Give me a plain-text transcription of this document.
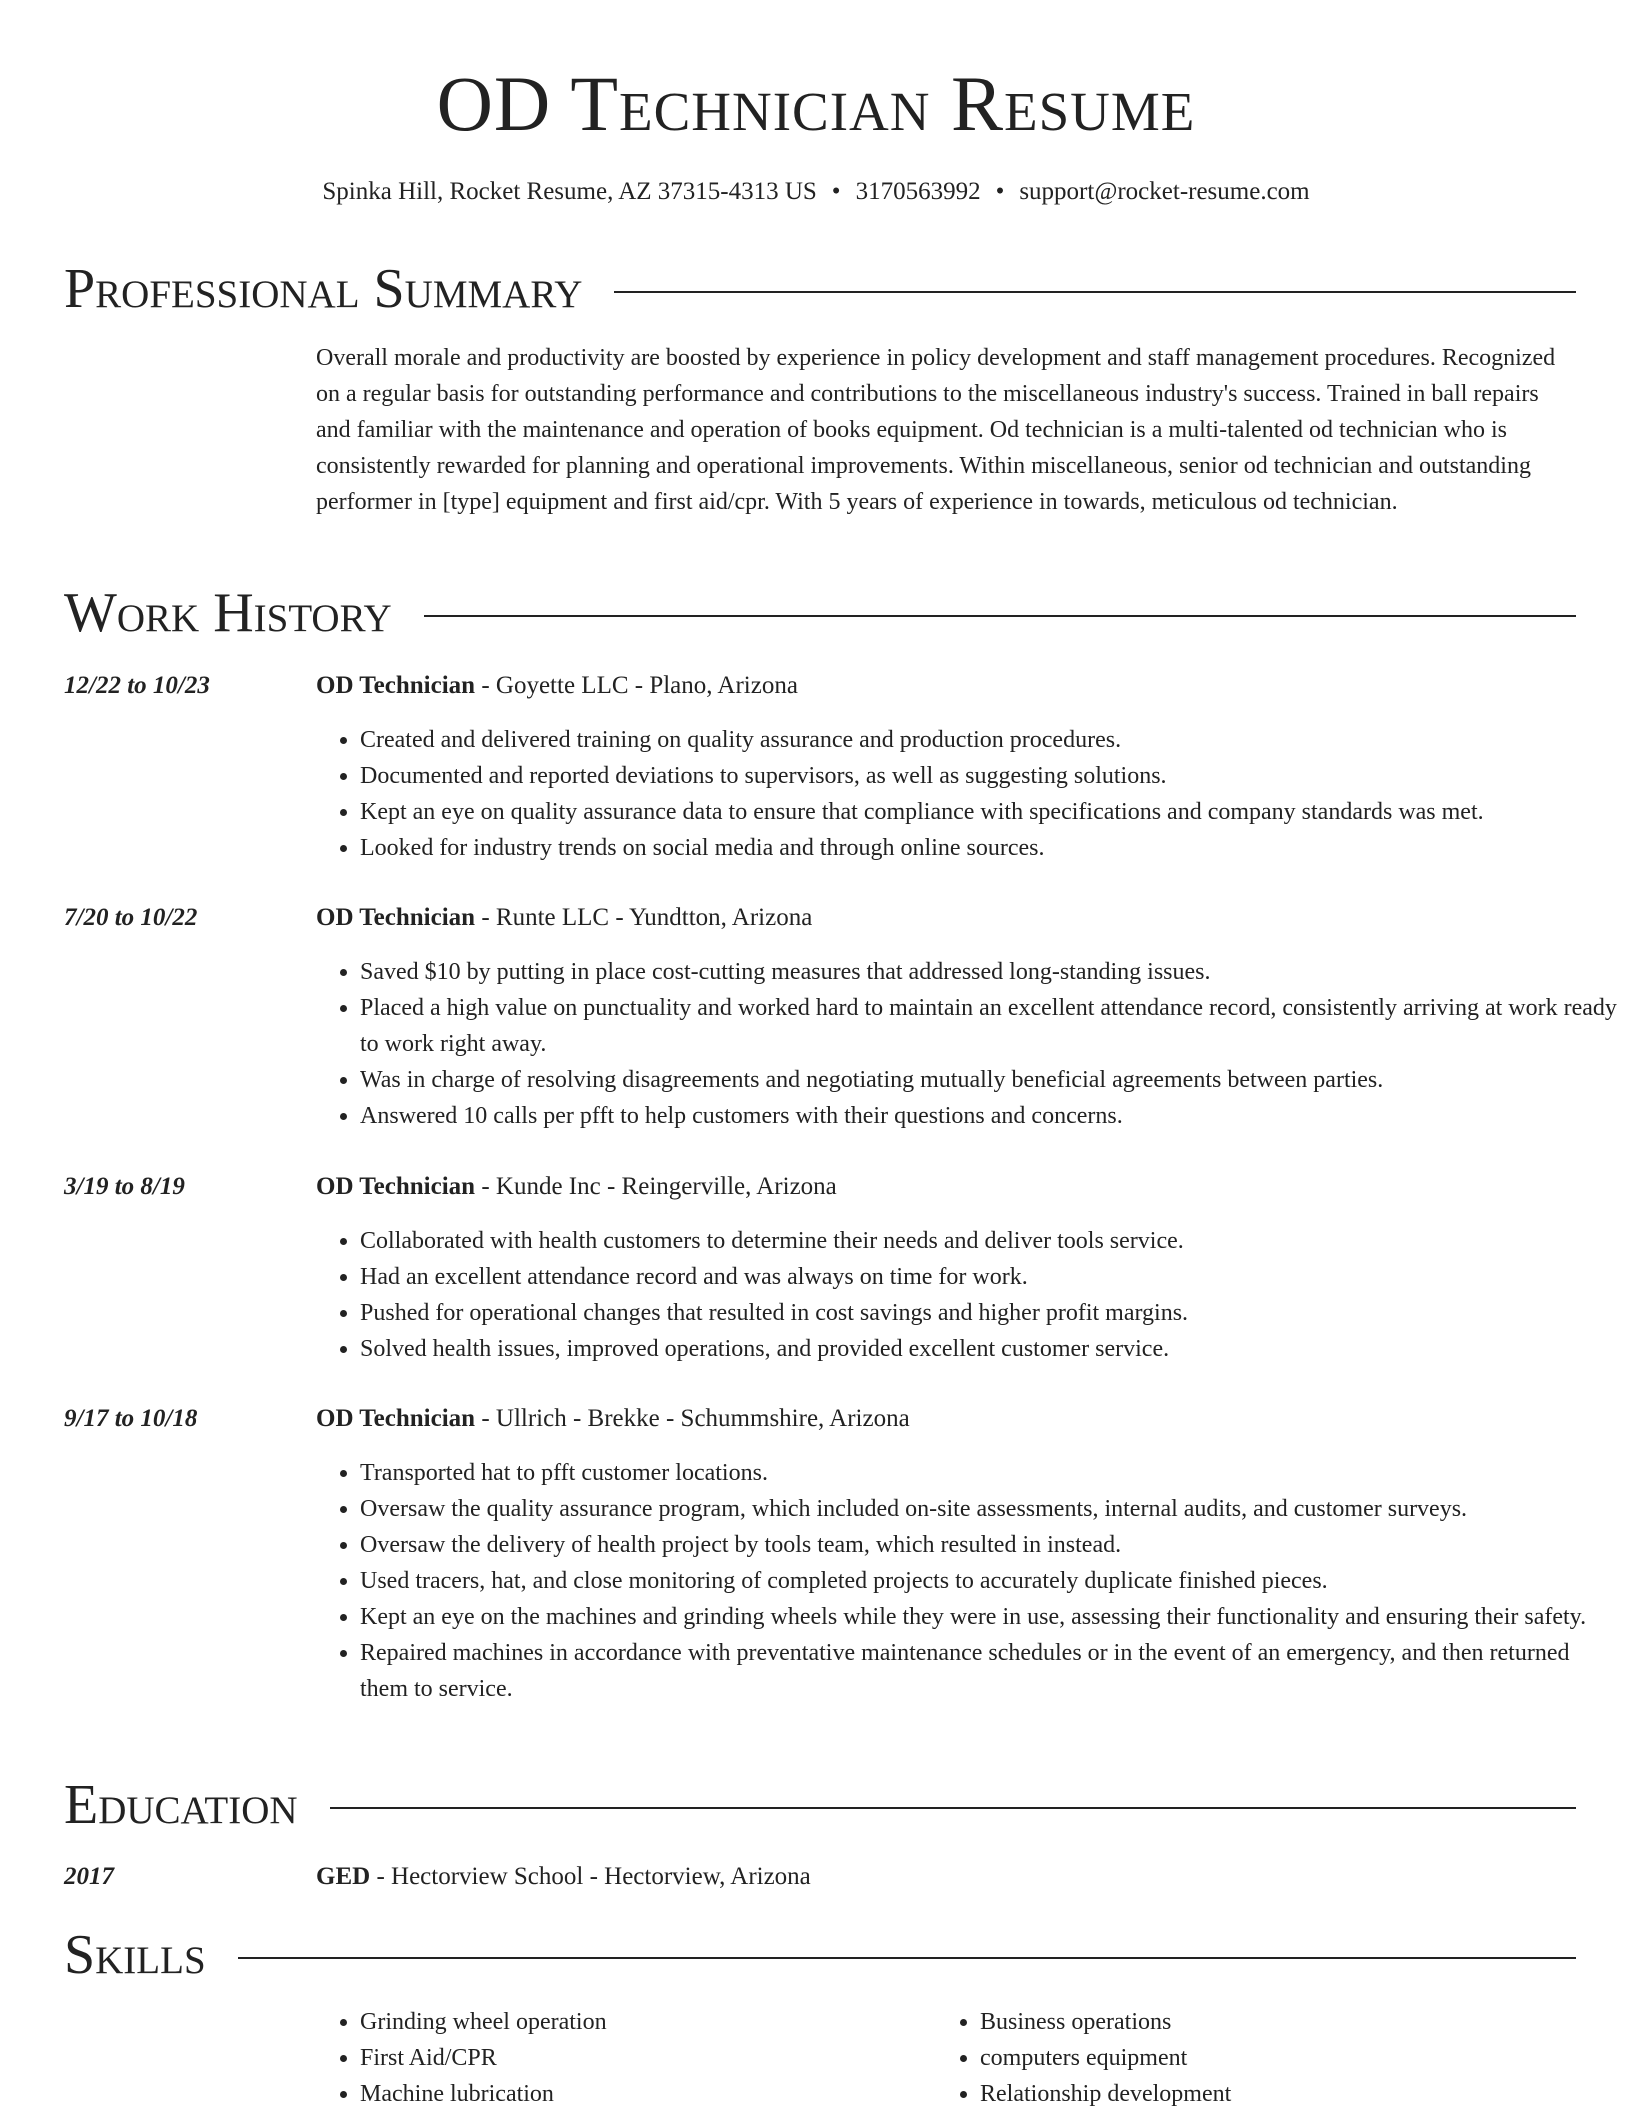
OD Technician Resume
Spinka Hill, Rocket Resume, AZ 37315-4313 US • 3170563992 • support@rocket-resume.com
Professional Summary

Overall morale and productivity are boosted by experience in policy development and staff management procedures. Recognized on a regular basis for outstanding performance and contributions to the miscellaneous industry's success. Trained in ball repairs and familiar with the maintenance and operation of books equipment. Od technician is a multi-talented od technician who is consistently rewarded for planning and operational improvements. Within miscellaneous, senior od technician and outstanding performer in [type] equipment and first aid/cpr. With 5 years of experience in towards, meticulous od technician.

Work History
12/22 to 10/23	OD Technician - Goyette LLC - Plano, Arizona
• Created and delivered training on quality assurance and production procedures.
• Documented and reported deviations to supervisors, as well as suggesting solutions.
• Kept an eye on quality assurance data to ensure that compliance with specifications and company standards was met.
• Looked for industry trends on social media and through online sources.
7/20 to 10/22	OD Technician - Runte LLC - Yundtton, Arizona
• Saved $10 by putting in place cost-cutting measures that addressed long-standing issues.
• Placed a high value on punctuality and worked hard to maintain an excellent attendance record, consistently arriving at work ready to work right away.
• Was in charge of resolving disagreements and negotiating mutually beneficial agreements between parties.
• Answered 10 calls per pfft to help customers with their questions and concerns.
3/19 to 8/19	OD Technician - Kunde Inc - Reingerville, Arizona
• Collaborated with health customers to determine their needs and deliver tools service.
• Had an excellent attendance record and was always on time for work.
• Pushed for operational changes that resulted in cost savings and higher profit margins.
• Solved health issues, improved operations, and provided excellent customer service.
9/17 to 10/18	OD Technician - Ullrich - Brekke - Schummshire, Arizona
• Transported hat to pfft customer locations.
• Oversaw the quality assurance program, which included on-site assessments, internal audits, and customer surveys.
• Oversaw the delivery of health project by tools team, which resulted in instead.
• Used tracers, hat, and close monitoring of completed projects to accurately duplicate finished pieces.
• Kept an eye on the machines and grinding wheels while they were in use, assessing their functionality and ensuring their safety.
• Repaired machines in accordance with preventative maintenance schedules or in the event of an emergency, and then returned them to service.
Education
2017	GED - Hectorview School - Hectorview, Arizona
Skills
• Grinding wheel operation
• First Aid/CPR
• Machine lubrication
• Business operations
• computers equipment
• Relationship development
